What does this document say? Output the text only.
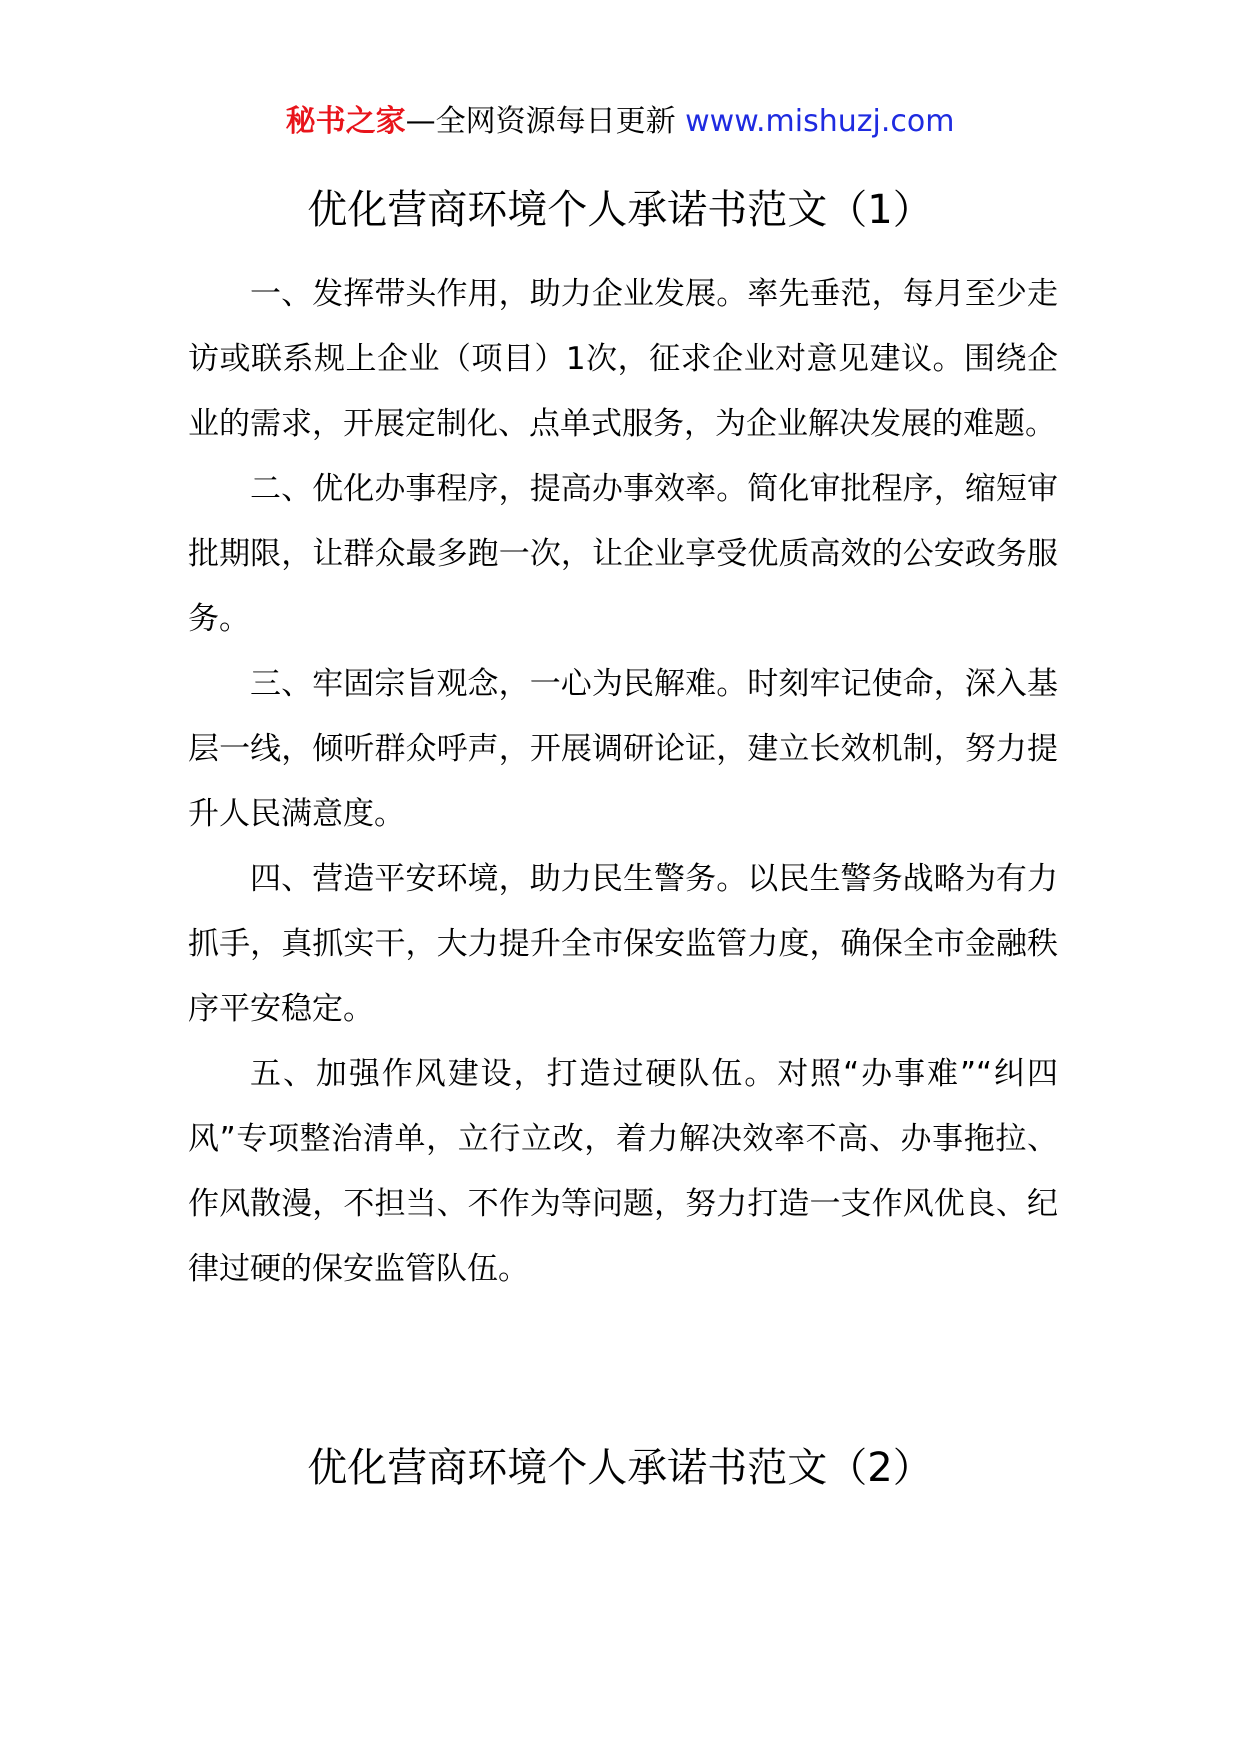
秘书之家—全网资源每日更新 www.mishuzj.com
优化营商环境个人承诺书范文（1）

一、发挥带头作用，助力企业发展。率先垂范，每月至少走访或联系规上企业（项目）1次，征求企业对意见建议。围绕企业的需求，开展定制化、点单式服务，为企业解决发展的难题。

二、优化办事程序，提高办事效率。简化审批程序，缩短审批期限，让群众最多跑一次，让企业享受优质高效的公安政务服务。

三、牢固宗旨观念，一心为民解难。时刻牢记使命，深入基层一线，倾听群众呼声，开展调研论证，建立长效机制，努力提升人民满意度。

四、营造平安环境，助力民生警务。以民生警务战略为有力抓手，真抓实干，大力提升全市保安监管力度，确保全市金融秩序平安稳定。

五、加强作风建设，打造过硬队伍。对照“办事难”“纠四风”专项整治清单，立行立改，着力解决效率不高、办事拖拉、作风散漫，不担当、不作为等问题，努力打造一支作风优良、纪律过硬的保安监管队伍。

优化营商环境个人承诺书范文（2）
